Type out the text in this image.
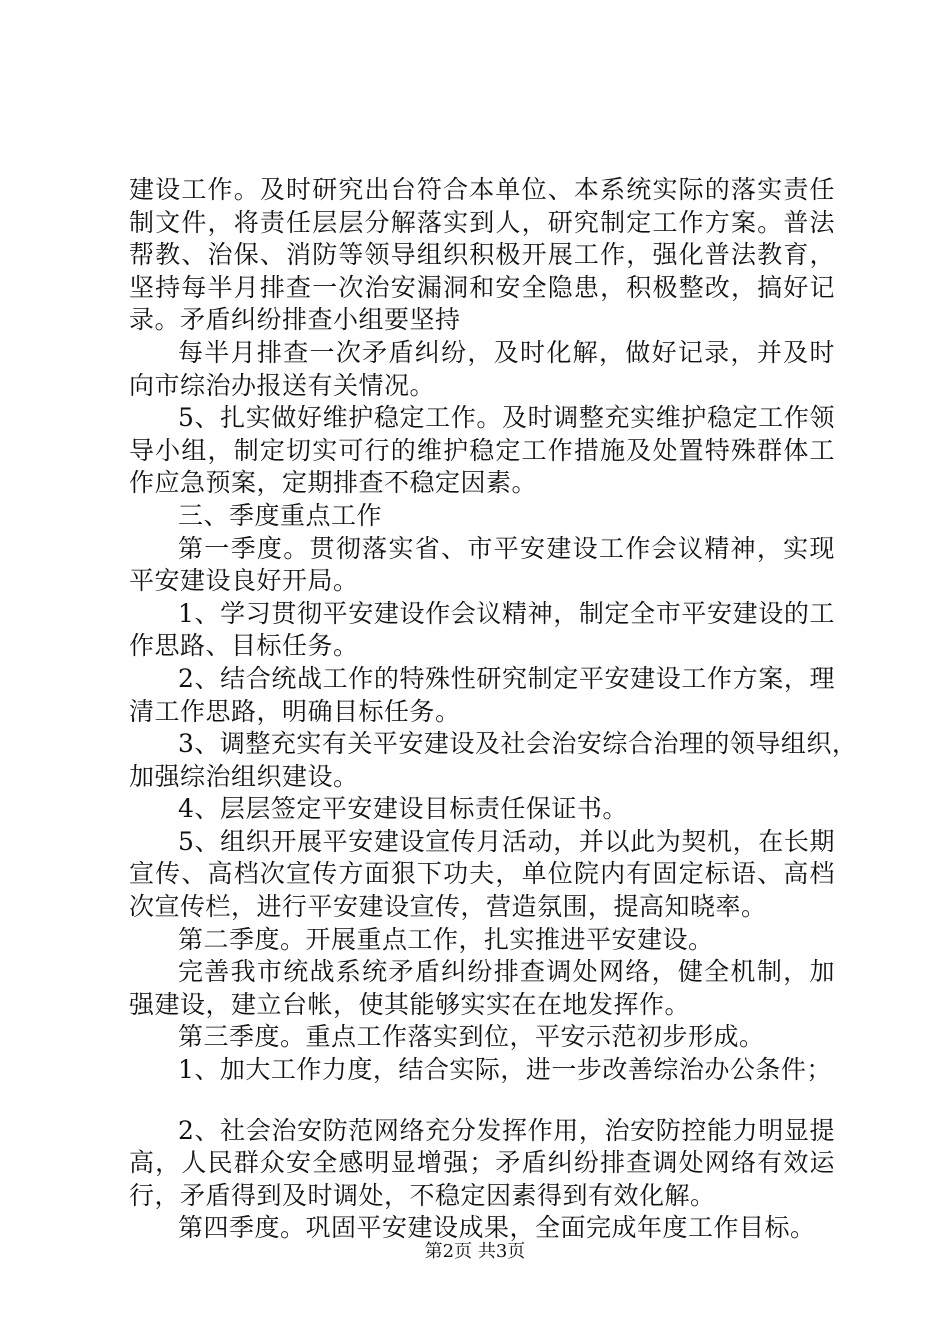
建设工作。及时研究出台符合本单位、本系统实际的落实责任
制文件，将责任层层分解落实到人，研究制定工作方案。普法
帮教、治保、消防等领导组织积极开展工作，强化普法教育，
坚持每半月排查一次治安漏洞和安全隐患，积极整改，搞好记
录。矛盾纠纷排查小组要坚持
每半月排查一次矛盾纠纷，及时化解，做好记录，并及时
向市综治办报送有关情况。
5、扎实做好维护稳定工作。及时调整充实维护稳定工作领
导小组，制定切实可行的维护稳定工作措施及处置特殊群体工
作应急预案，定期排查不稳定因素。
三、季度重点工作
第一季度。贯彻落实省、市平安建设工作会议精神，实现
平安建设良好开局。
1、学习贯彻平安建设作会议精神，制定全市平安建设的工
作思路、目标任务。
2、结合统战工作的特殊性研究制定平安建设工作方案，理
清工作思路，明确目标任务。
3、调整充实有关平安建设及社会治安综合治理的领导组织，
加强综治组织建设。
4、层层签定平安建设目标责任保证书。
5、组织开展平安建设宣传月活动，并以此为契机，在长期
宣传、高档次宣传方面狠下功夫，单位院内有固定标语、高档
次宣传栏，进行平安建设宣传，营造氛围，提高知晓率。
第二季度。开展重点工作，扎实推进平安建设。
完善我市统战系统矛盾纠纷排查调处网络，健全机制，加
强建设，建立台帐，使其能够实实在在地发挥作。
第三季度。重点工作落实到位，平安示范初步形成。
1、加大工作力度，结合实际，进一步改善综治办公条件；
2、社会治安防范网络充分发挥作用，治安防控能力明显提
高，人民群众安全感明显增强；矛盾纠纷排查调处网络有效运
行，矛盾得到及时调处，不稳定因素得到有效化解。
第四季度。巩固平安建设成果，全面完成年度工作目标。
第2页 共3页
